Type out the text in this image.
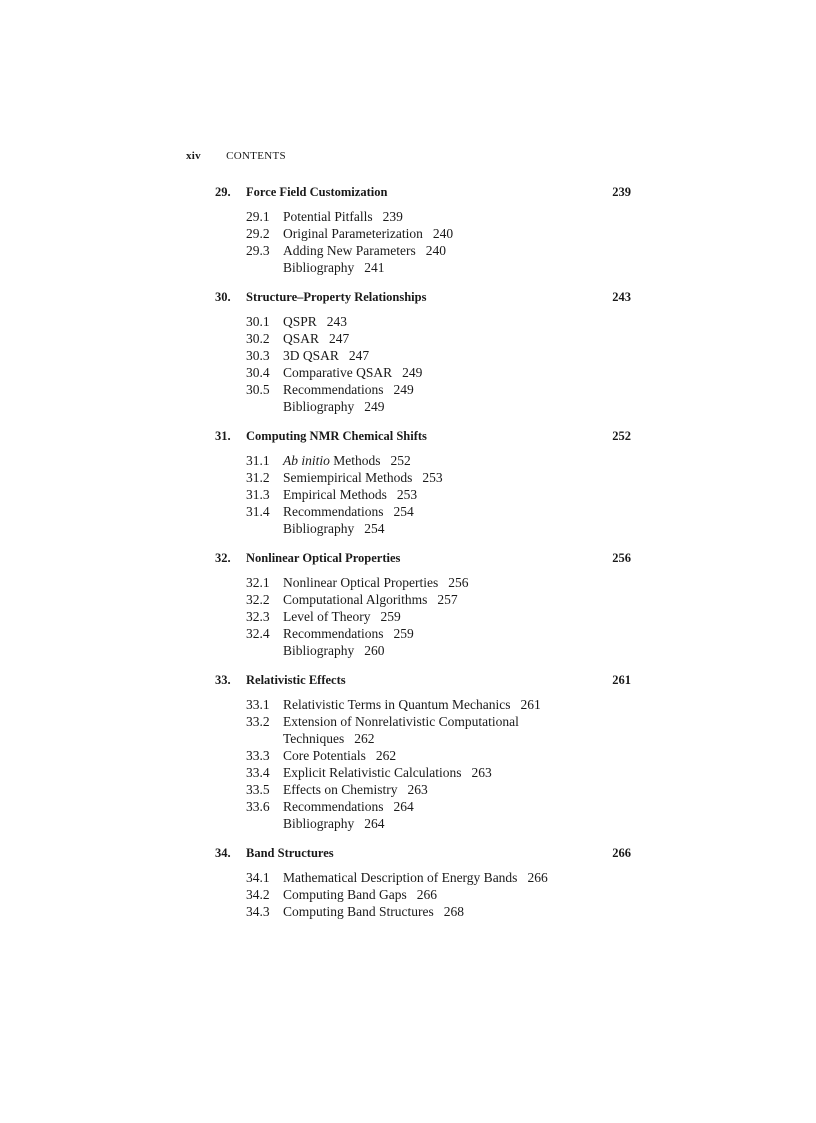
xiv CONTENTS
29.	Force Field Customization	239
29.1 Potential Pitfalls 239
29.2 Original Parameterization 240
29.3 Adding New Parameters 240
Bibliography 241
30.	Structure–Property Relationships	243
30.1 QSPR 243
30.2 QSAR 247
30.3 3D QSAR 247
30.4 Comparative QSAR 249
30.5 Recommendations 249
Bibliography 249
31.	Computing NMR Chemical Shifts	252
31.1 Ab initio Methods 252
31.2 Semiempirical Methods 253
31.3 Empirical Methods 253
31.4 Recommendations 254
Bibliography 254
32.	Nonlinear Optical Properties	256
32.1 Nonlinear Optical Properties 256
32.2 Computational Algorithms 257
32.3 Level of Theory 259
32.4 Recommendations 259
Bibliography 260
33.	Relativistic Effects	261
33.1 Relativistic Terms in Quantum Mechanics 261
33.2 Extension of Nonrelativistic Computational
Techniques 262
33.3 Core Potentials 262
33.4 Explicit Relativistic Calculations 263
33.5 Effects on Chemistry 263
33.6 Recommendations 264
Bibliography 264
34.	Band Structures	266
34.1 Mathematical Description of Energy Bands 266
34.2 Computing Band Gaps 266
34.3 Computing Band Structures 268
